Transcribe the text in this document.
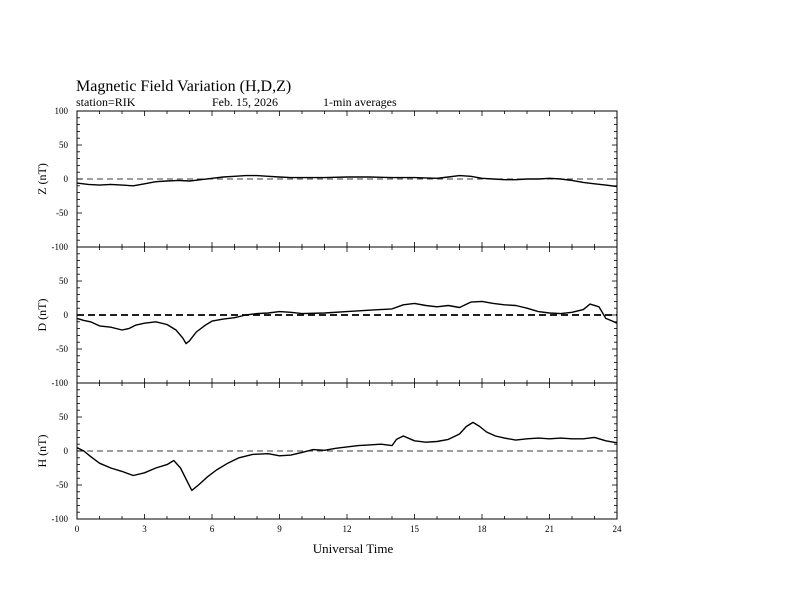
Magnetic Field Variation (H,D,Z)
station=RIK	Feb. 15, 2026	1-min averages
100
50
0
-50
-100
Z (nT)
50
0
-50
-100
D (nT)
50
0
-50
-100
H (nT)
0	3	6	9	12	15	18	21	24
Universal Time
